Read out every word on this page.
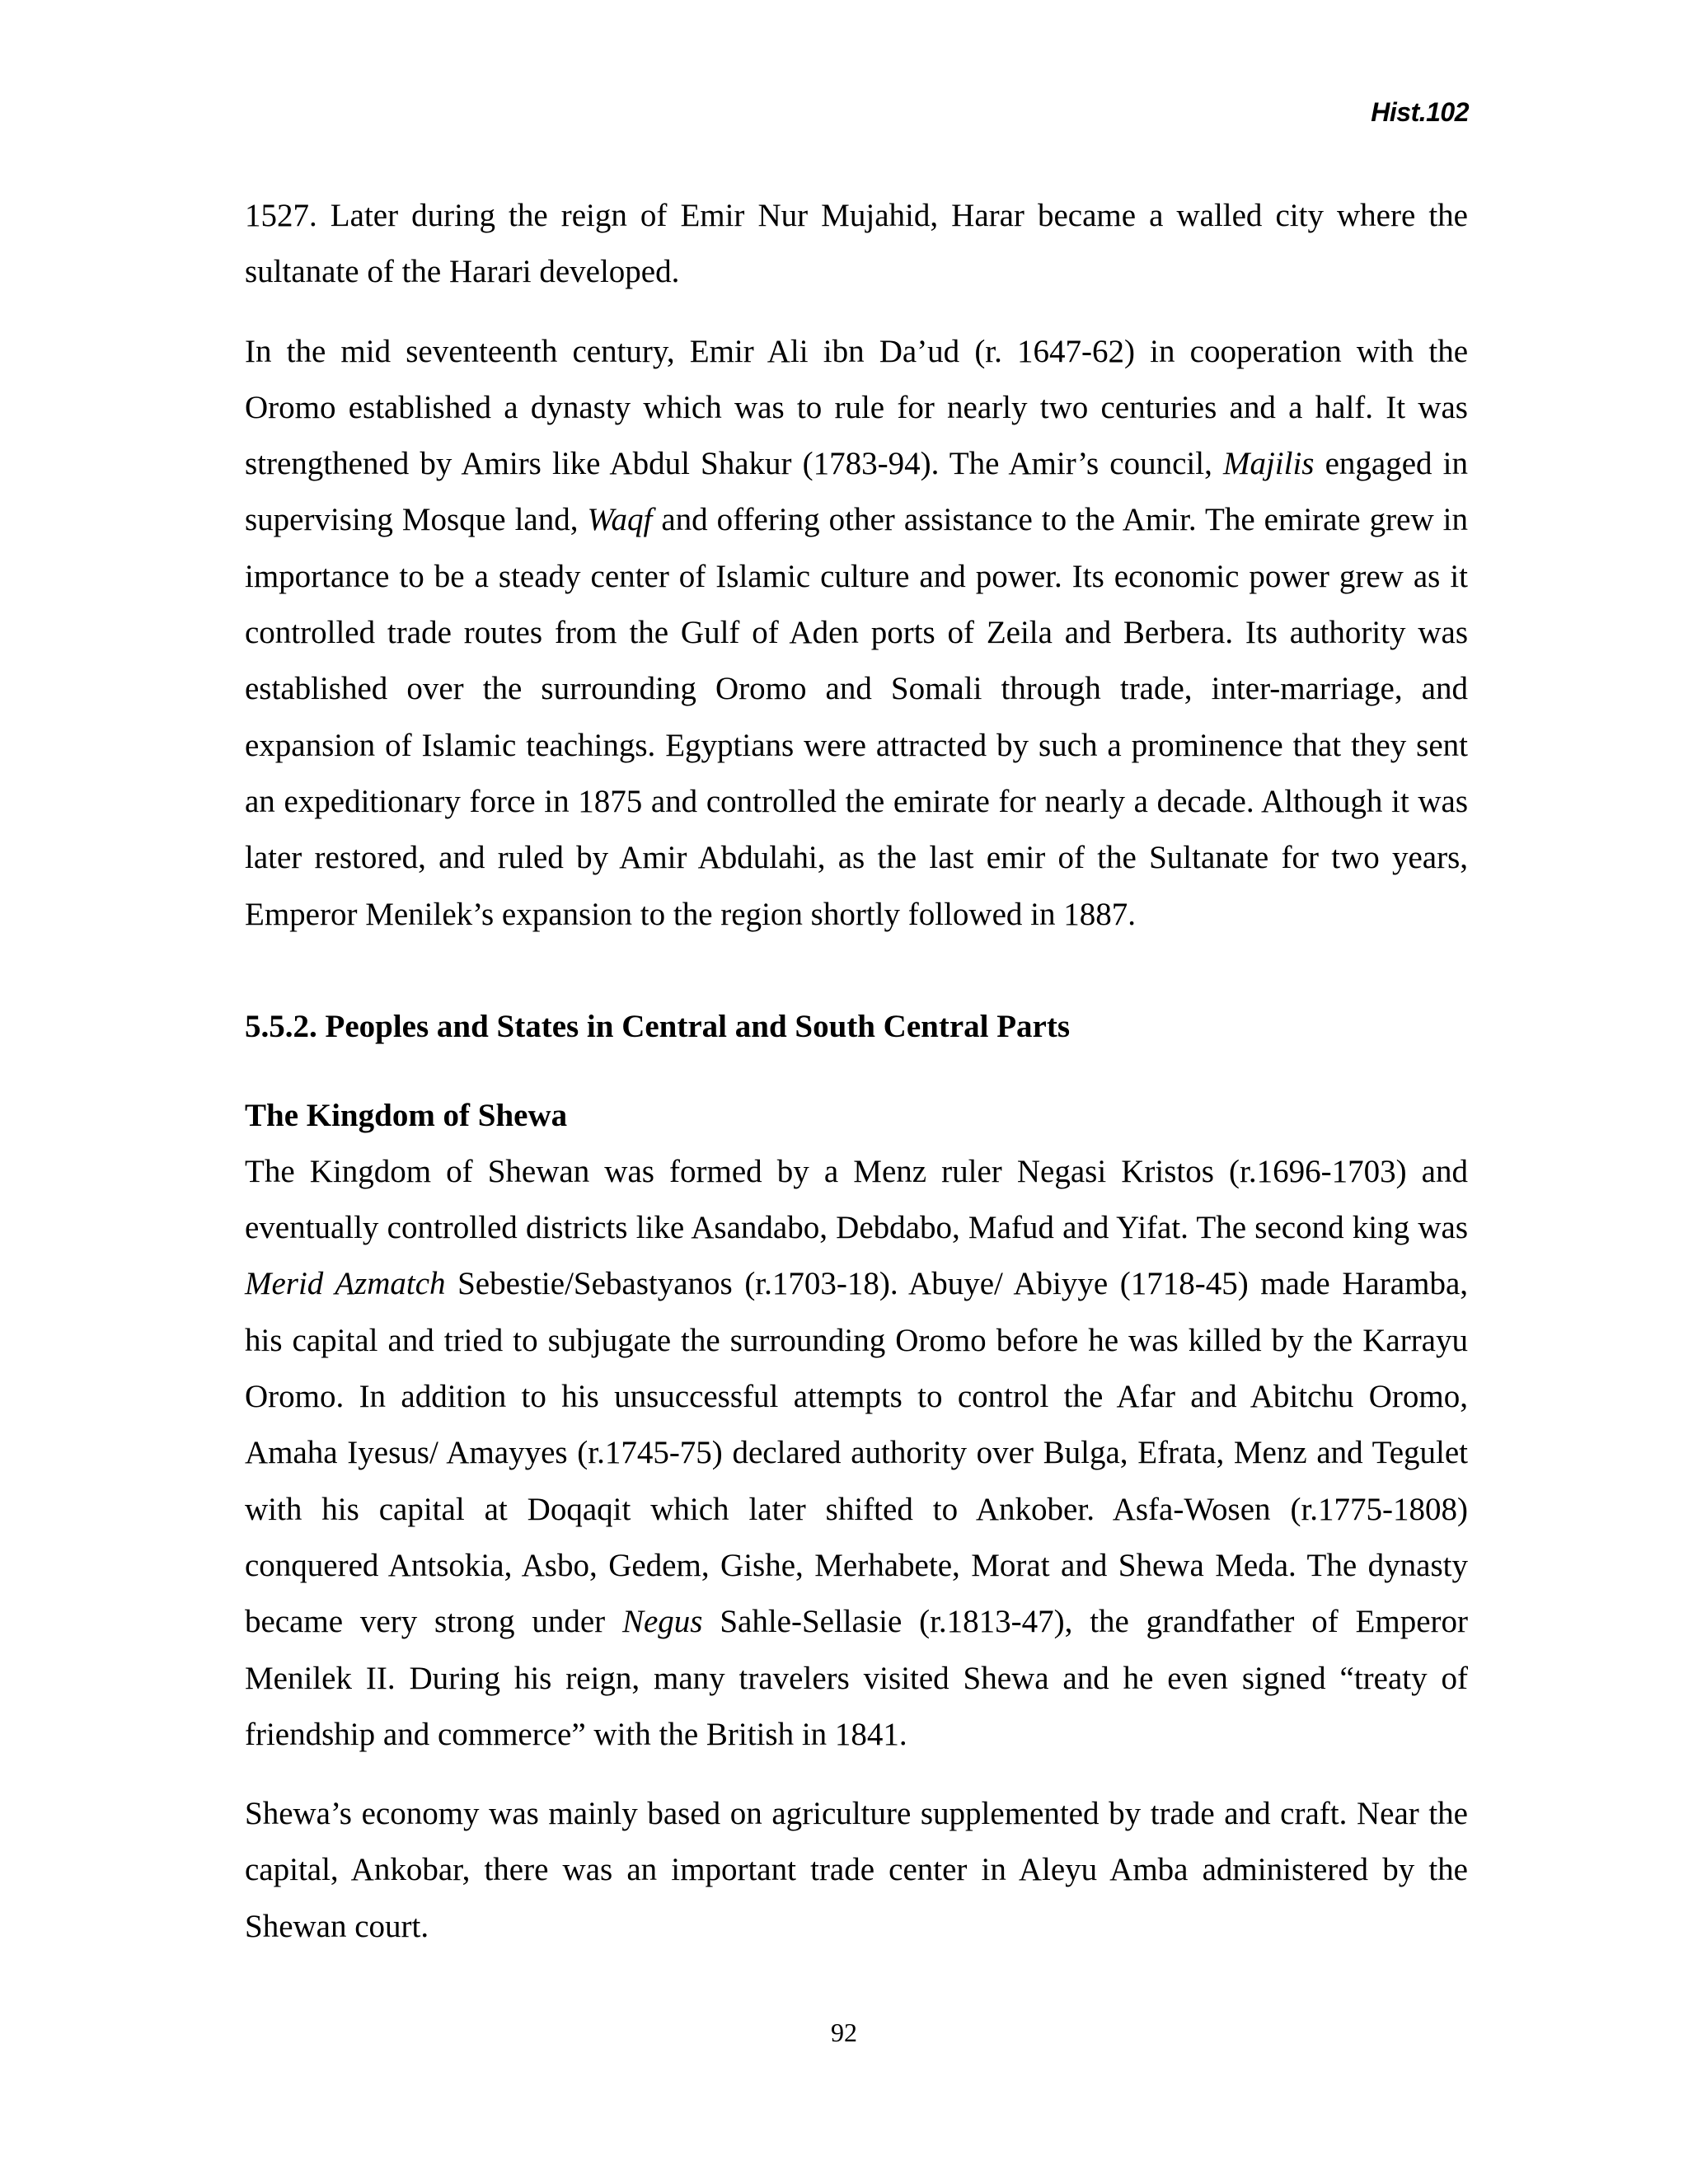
Hist.102

1527. Later during the reign of Emir Nur Mujahid, Harar became a walled city where the sultanate of the Harari developed.

In the mid seventeenth century, Emir Ali ibn Da’ud (r. 1647-62) in cooperation with the Oromo established a dynasty which was to rule for nearly two centuries and a half. It was strengthened by Amirs like Abdul Shakur (1783-94). The Amir’s council, Majilis engaged in supervising Mosque land, Waqf and offering other assistance to the Amir. The emirate grew in importance to be a steady center of Islamic culture and power. Its economic power grew as it controlled trade routes from the Gulf of Aden ports of Zeila and Berbera. Its authority was established over the surrounding Oromo and Somali through trade, inter-marriage, and expansion of Islamic teachings. Egyptians were attracted by such a prominence that they sent an expeditionary force in 1875 and controlled the emirate for nearly a decade. Although it was later restored, and ruled by Amir Abdulahi, as the last emir of the Sultanate for two years, Emperor Menilek’s expansion to the region shortly followed in 1887.

5.5.2. Peoples and States in Central and South Central Parts
The Kingdom of Shewa

The Kingdom of Shewan was formed by a Menz ruler Negasi Kristos (r.1696-1703) and eventually controlled districts like Asandabo, Debdabo, Mafud and Yifat. The second king was Merid Azmatch Sebestie/Sebastyanos (r.1703-18). Abuye/ Abiyye (1718-45) made Haramba, his capital and tried to subjugate the surrounding Oromo before he was killed by the Karrayu Oromo. In addition to his unsuccessful attempts to control the Afar and Abitchu Oromo, Amaha Iyesus/ Amayyes (r.1745-75) declared authority over Bulga, Efrata, Menz and Tegulet with his capital at Doqaqit which later shifted to Ankober. Asfa-Wosen (r.1775-1808) conquered Antsokia, Asbo, Gedem, Gishe, Merhabete, Morat and Shewa Meda. The dynasty became very strong under Negus Sahle-Sellasie (r.1813-47), the grandfather of Emperor Menilek II. During his reign, many travelers visited Shewa and he even signed “treaty of friendship and commerce” with the British in 1841.

Shewa’s economy was mainly based on agriculture supplemented by trade and craft. Near the capital, Ankobar, there was an important trade center in Aleyu Amba administered by the Shewan court.

92
